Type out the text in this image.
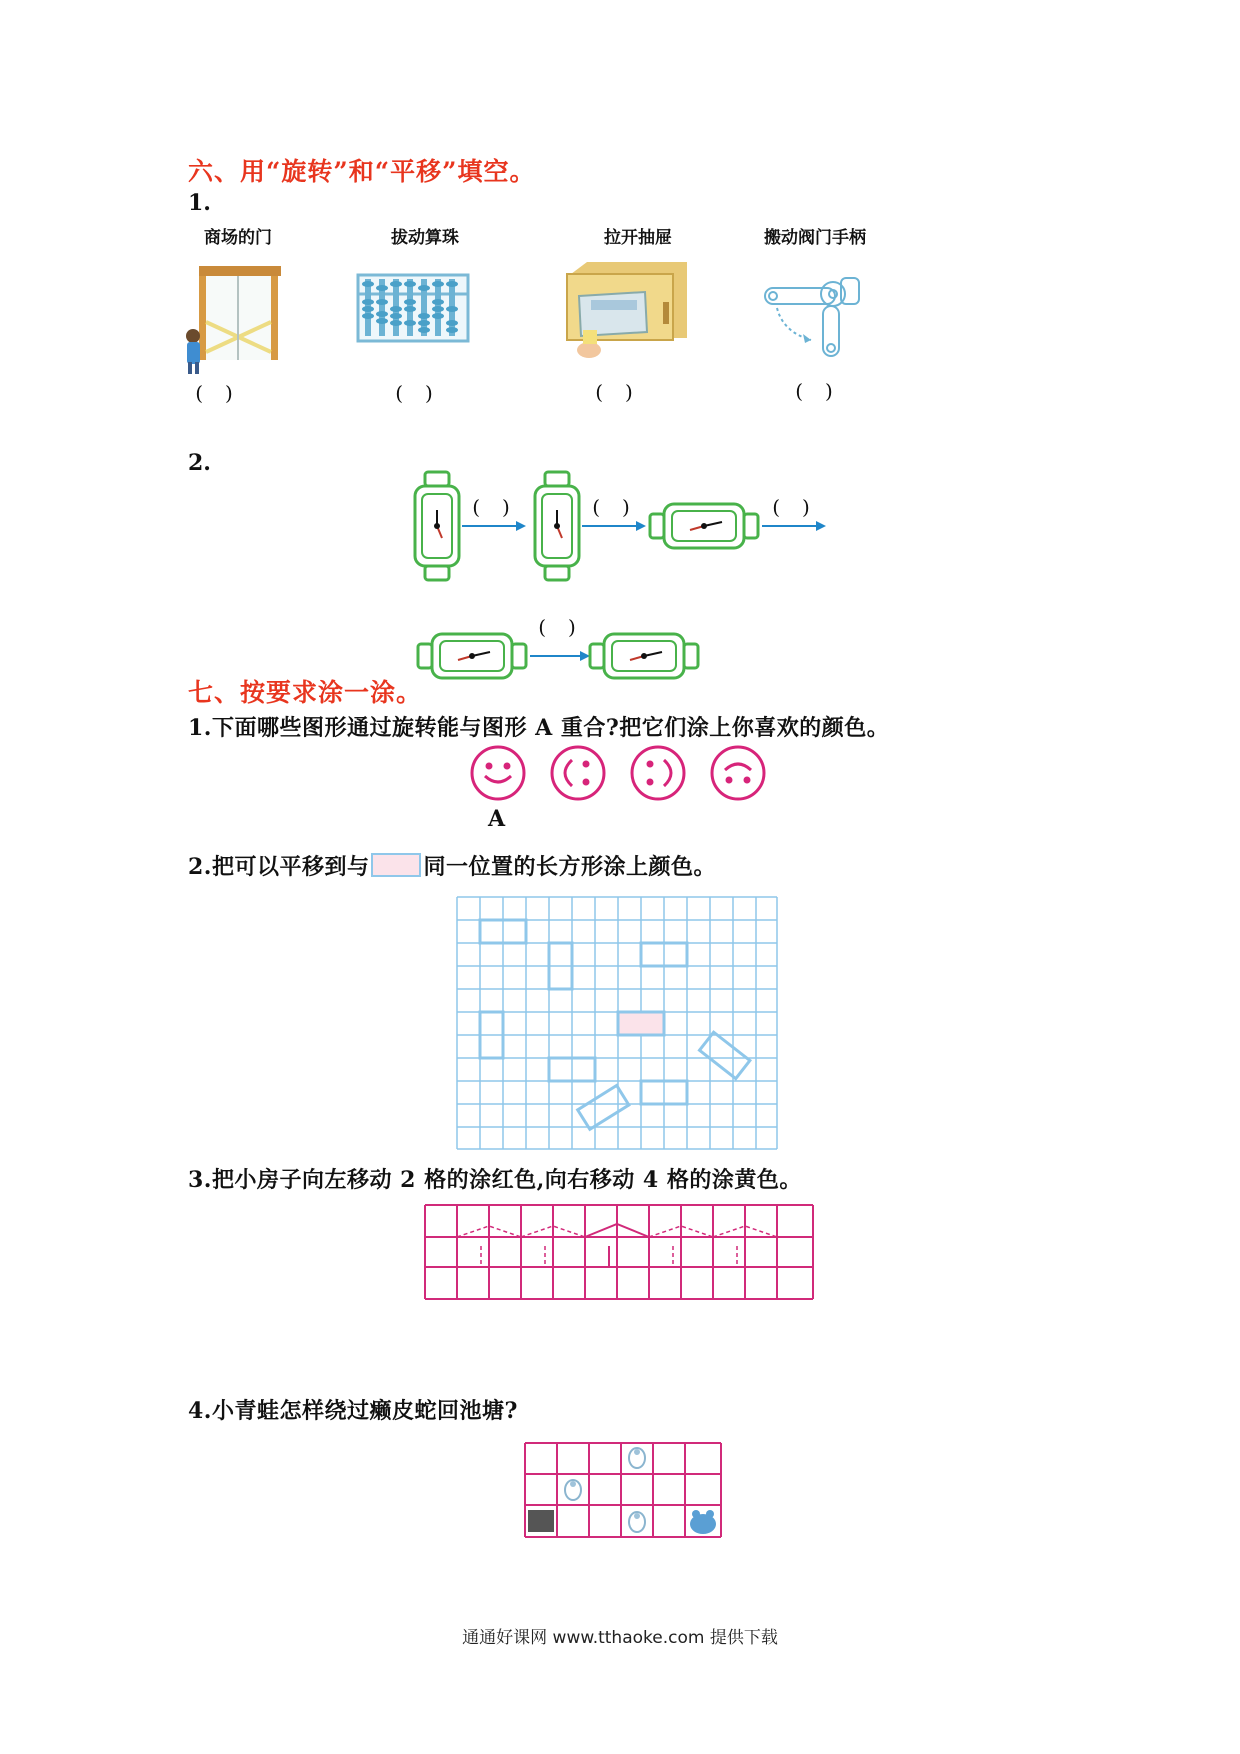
六、用“旋转”和“平移”填空。
1.
商场的门	拔动算珠	拉开抽屉	搬动阀门手柄
()	()	()	()
2.
()	()	()
()
七、按要求涂一涂。
1.下面哪些图形通过旋转能与图形 A 重合?把它们涂上你喜欢的颜色。
A
2.把可以平移到与 同一位置的长方形涂上颜色。
3.把小房子向左移动 2 格的涂红色,向右移动 4 格的涂黄色。
4.小青蛙怎样绕过癞皮蛇回池塘?
通通好课网 www.tthaoke.com 提供下载
